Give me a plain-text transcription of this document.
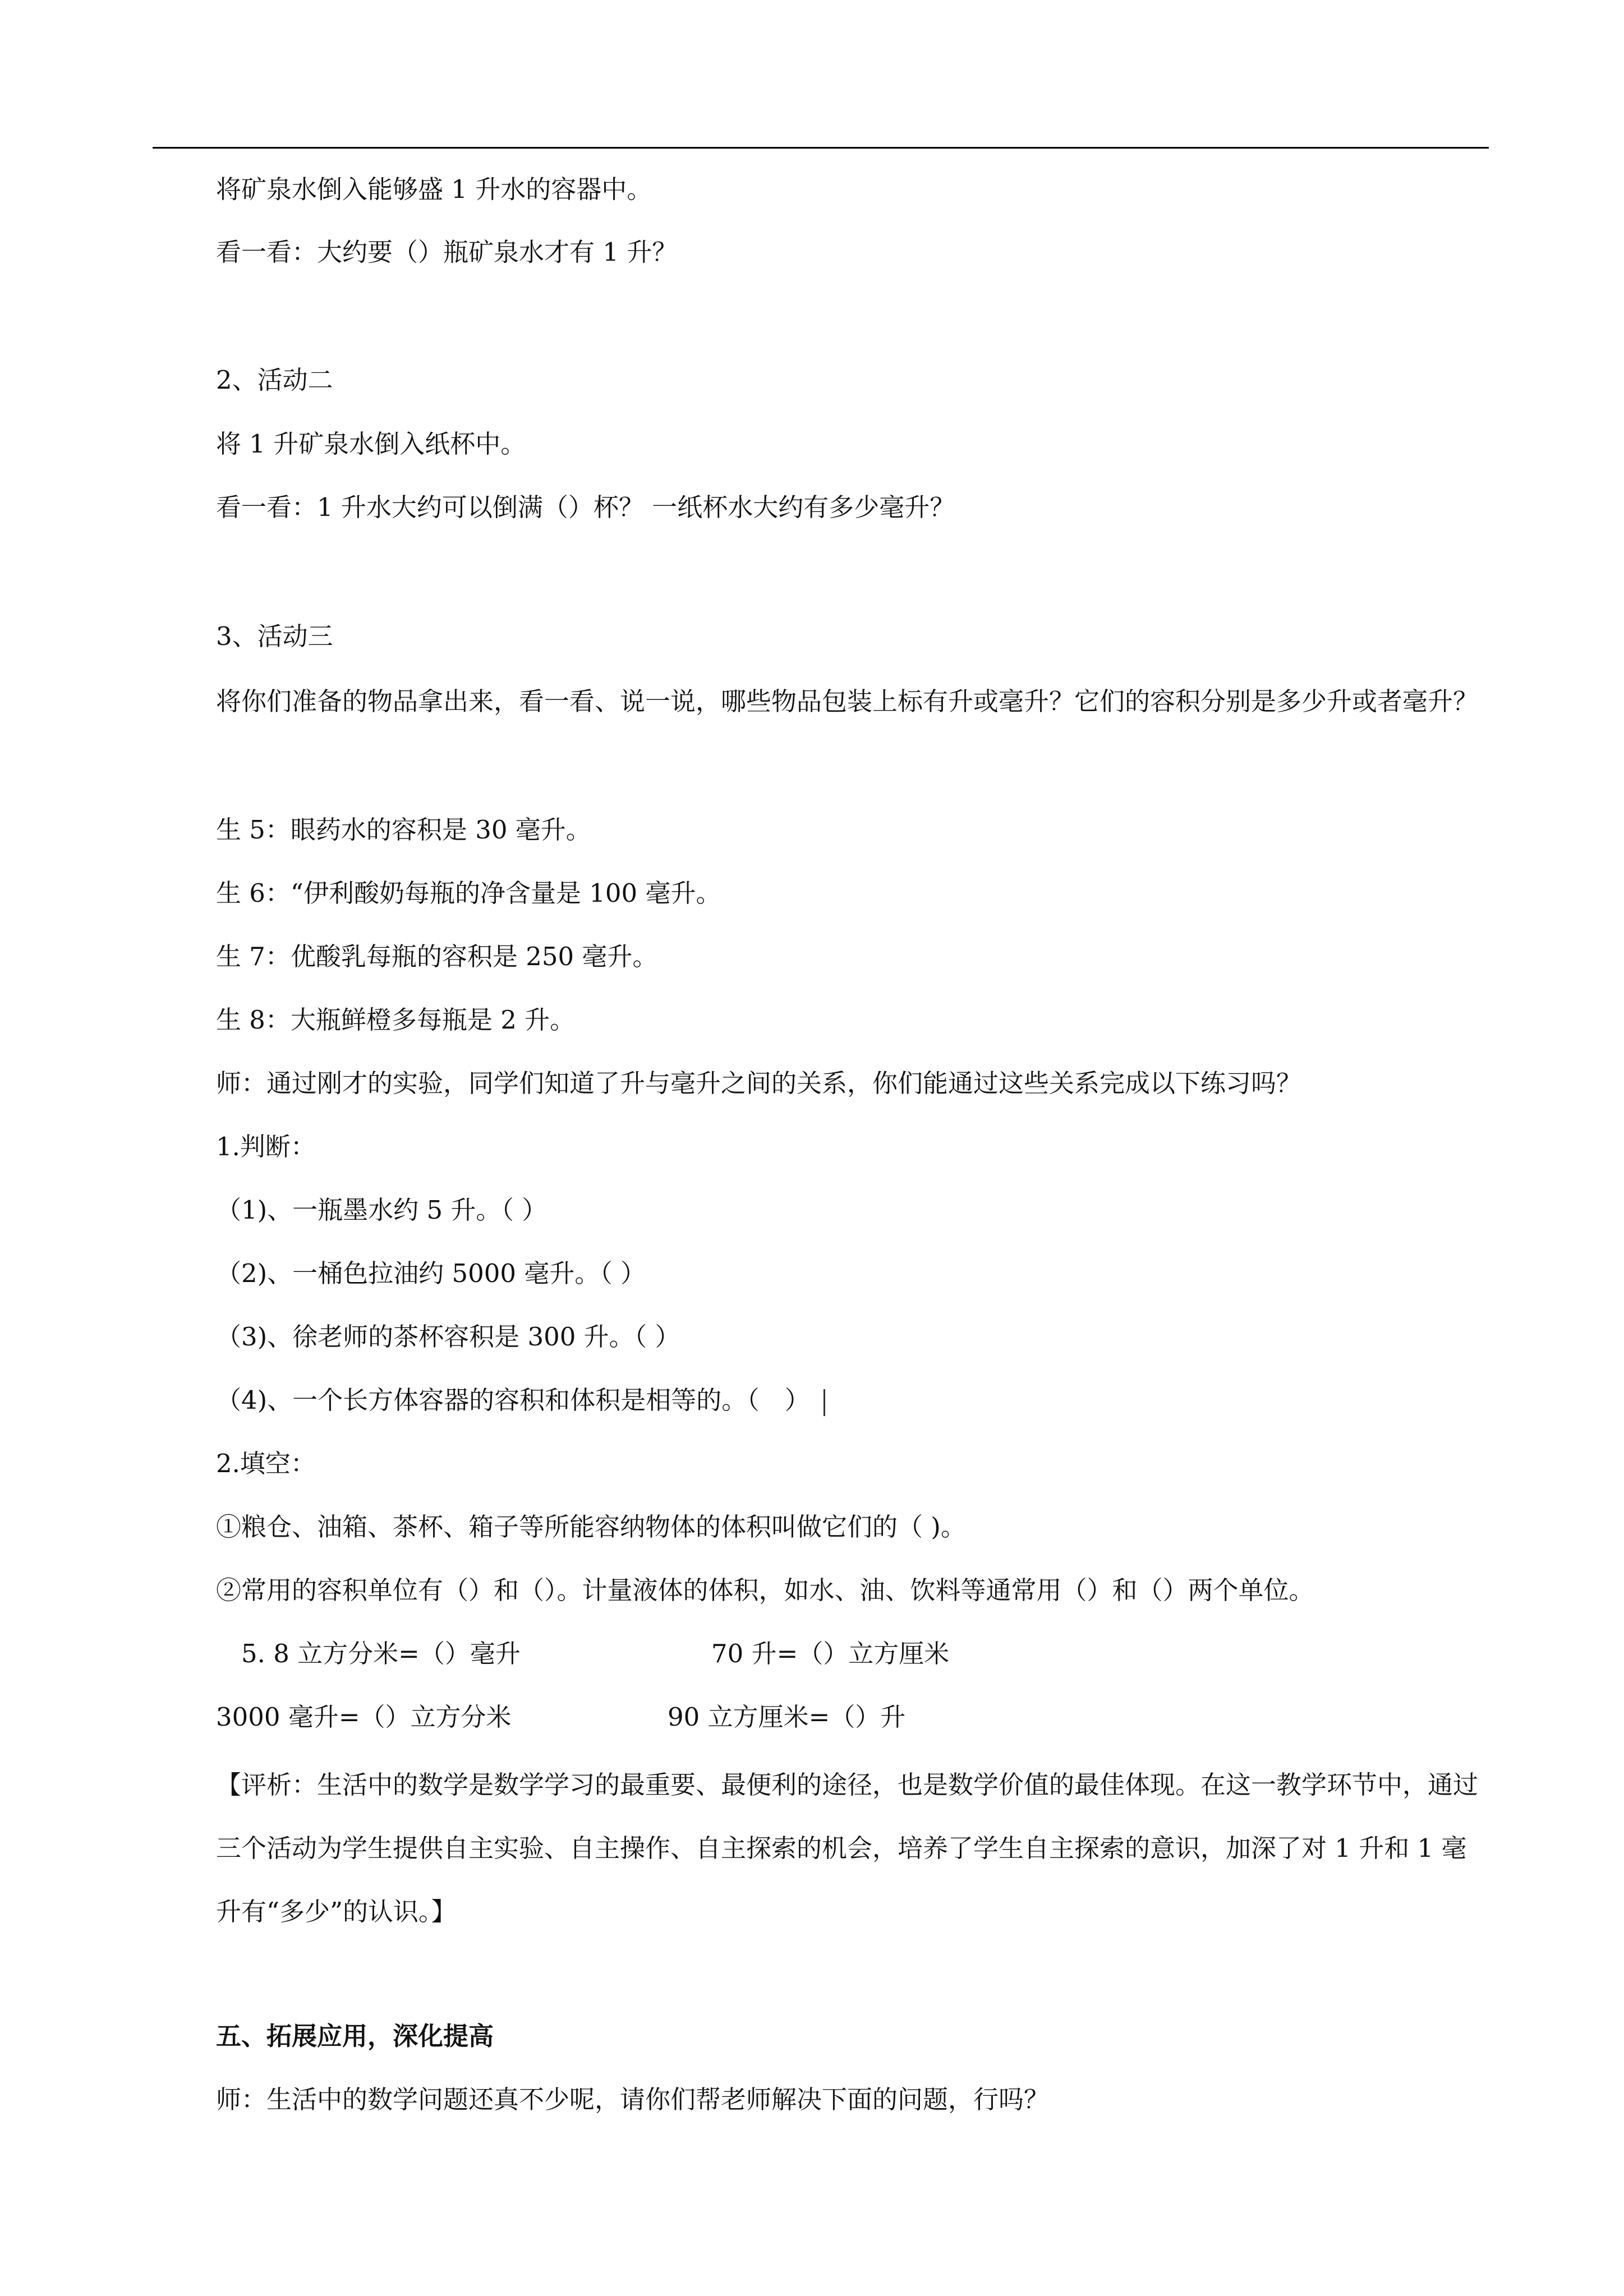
将矿泉水倒入能够盛 1 升水的容器中。
看一看：大约要（）瓶矿泉水才有 1 升？
2、活动二
将 1 升矿泉水倒入纸杯中。
看一看：1 升水大约可以倒满（）杯？ 一纸杯水大约有多少毫升？
3、活动三
将你们准备的物品拿出来，看一看、说一说，哪些物品包装上标有升或毫升？它们的容积分别是多少升或者毫升？
生 5：眼药水的容积是 30 毫升。
生 6：“伊利酸奶每瓶的净含量是 100 毫升。
生 7：优酸乳每瓶的容积是 250 毫升。
生 8：大瓶鲜橙多每瓶是 2 升。
师：通过刚才的实验，同学们知道了升与毫升之间的关系，你们能通过这些关系完成以下练习吗？
1.判断：
（1)、一瓶墨水约 5 升。（ ）
（2)、一桶色拉油约 5000 毫升。（ ）
（3)、徐老师的茶杯容积是 300 升。（ ）
（4)、一个长方体容器的容积和体积是相等的。（　）
2.填空：
①粮仓、油箱、茶杯、箱子等所能容纳物体的体积叫做它们的（ )。
②常用的容积单位有（）和（）。计量液体的体积，如水、油、饮料等通常用（）和（）两个单位。
5. 8 立方分米=（）毫升	70 升=（）立方厘米
3000 毫升=（）立方分米	90 立方厘米=（）升
【评析：生活中的数学是数学学习的最重要、最便利的途径，也是数学价值的最佳体现。在这一教学环节中，通过三个活动为学生提供自主实验、自主操作、自主探索的机会，培养了学生自主探索的意识，加深了对 1 升和 1 毫升有“多少”的认识。】
五、拓展应用，深化提高
师：生活中的数学问题还真不少呢，请你们帮老师解决下面的问题，行吗？
